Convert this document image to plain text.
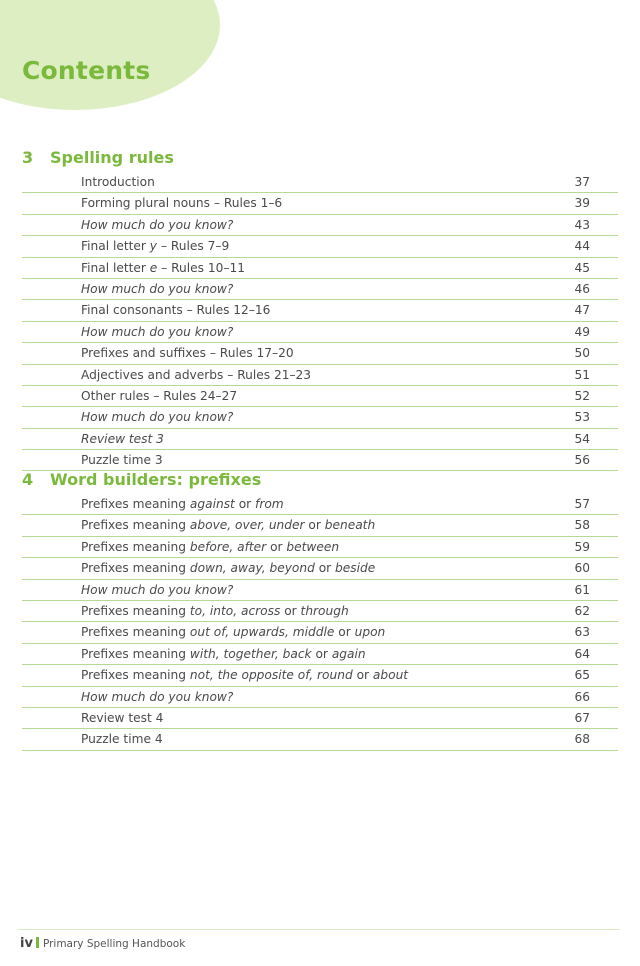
Contents
3 Spelling rules
Introduction	37
Forming plural nouns – Rules 1–6	39
How much do you know?	43
Final letter y – Rules 7–9	44
Final letter e – Rules 10–11	45
How much do you know?	46
Final consonants – Rules 12–16	47
How much do you know?	49
Prefixes and suffixes – Rules 17–20	50
Adjectives and adverbs – Rules 21–23	51
Other rules – Rules 24–27	52
How much do you know?	53
Review test 3	54
Puzzle time 3	56
4 Word builders: prefixes
Prefixes meaning against or from	57
Prefixes meaning above, over, under or beneath	58
Prefixes meaning before, after or between	59
Prefixes meaning down, away, beyond or beside	60
How much do you know?	61
Prefixes meaning to, into, across or through	62
Prefixes meaning out of, upwards, middle or upon	63
Prefixes meaning with, together, back or again	64
Prefixes meaning not, the opposite of, round or about	65
How much do you know?	66
Review test 4	67
Puzzle time 4	68
iv Primary Spelling Handbook
